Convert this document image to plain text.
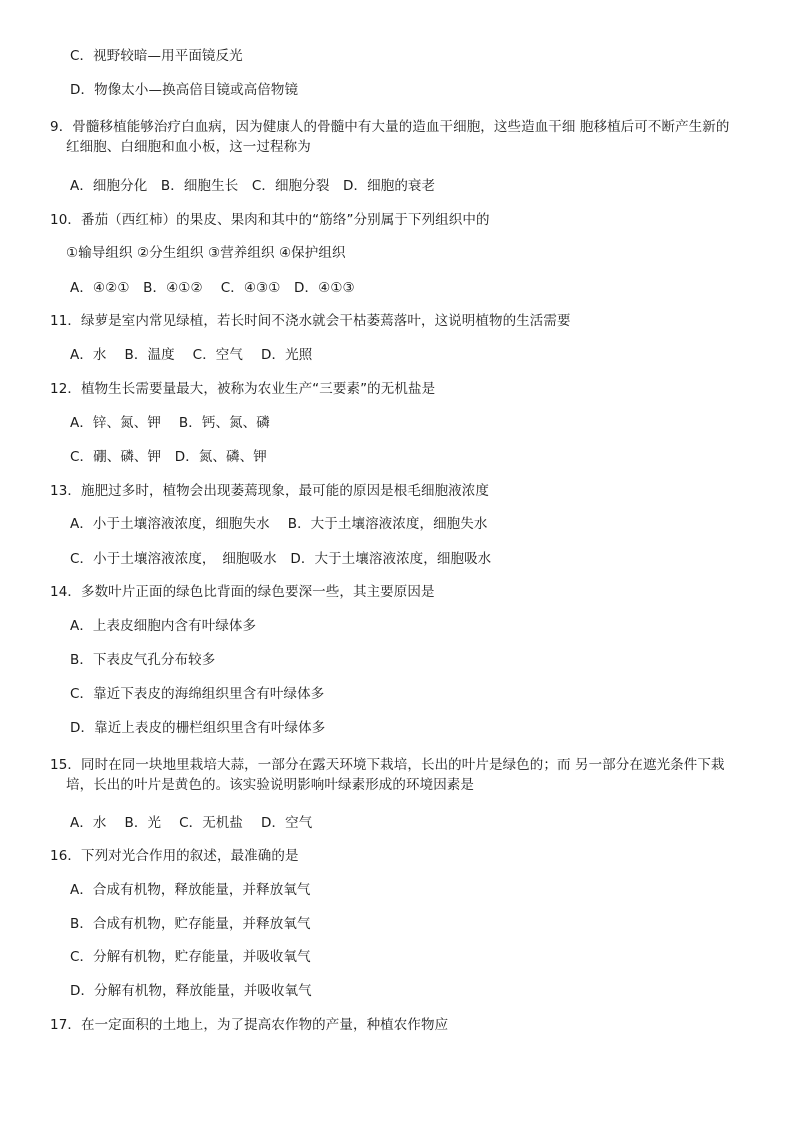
C．视野较暗—用平面镜反光
D．物像太小—换高倍目镜或高倍物镜
9．骨髓移植能够治疗白血病，因为健康人的骨髓中有大量的造血干细胞，这些造血干细 胞移植后可不断产生新的
红细胞、白细胞和血小板，这一过程称为
A．细胞分化　B．细胞生长　C．细胞分裂　D．细胞的衰老
10．番茄（西红柿）的果皮、果肉和其中的“筋络”分别属于下列组织中的
①输导组织 ②分生组织 ③营养组织 ④保护组织
A．④②①　B．④①②　 C．④③①　D．④①③
11．绿萝是室内常见绿植，若长时间不浇水就会干枯萎蔫落叶，这说明植物的生活需要
A．水　 B．温度　 C．空气　 D．光照
12．植物生长需要量最大，被称为农业生产“三要素”的无机盐是
A．锌、氮、钾　 B．钙、氮、磷
C．硼、磷、钾　D．氮、磷、钾
13．施肥过多时，植物会出现萎蔫现象，最可能的原因是根毛细胞液浓度
A．小于土壤溶液浓度，细胞失水　 B．大于土壤溶液浓度，细胞失水
C．小于土壤溶液浓度，　细胞吸水　D．大于土壤溶液浓度，细胞吸水
14．多数叶片正面的绿色比背面的绿色要深一些，其主要原因是
A．上表皮细胞内含有叶绿体多
B．下表皮气孔分布较多
C．靠近下表皮的海绵组织里含有叶绿体多
D．靠近上表皮的栅栏组织里含有叶绿体多
15．同时在同一块地里栽培大蒜，一部分在露天环境下栽培，长出的叶片是绿色的；而 另一部分在遮光条件下栽
培，长出的叶片是黄色的。该实验说明影响叶绿素形成的环境因素是
A．水　 B．光　 C．无机盐　 D．空气
16．下列对光合作用的叙述，最准确的是
A．合成有机物，释放能量，并释放氧气
B．合成有机物，贮存能量，并释放氧气
C．分解有机物，贮存能量，并吸收氧气
D．分解有机物，释放能量，并吸收氧气
17．在一定面积的土地上，为了提高农作物的产量，种植农作物应
